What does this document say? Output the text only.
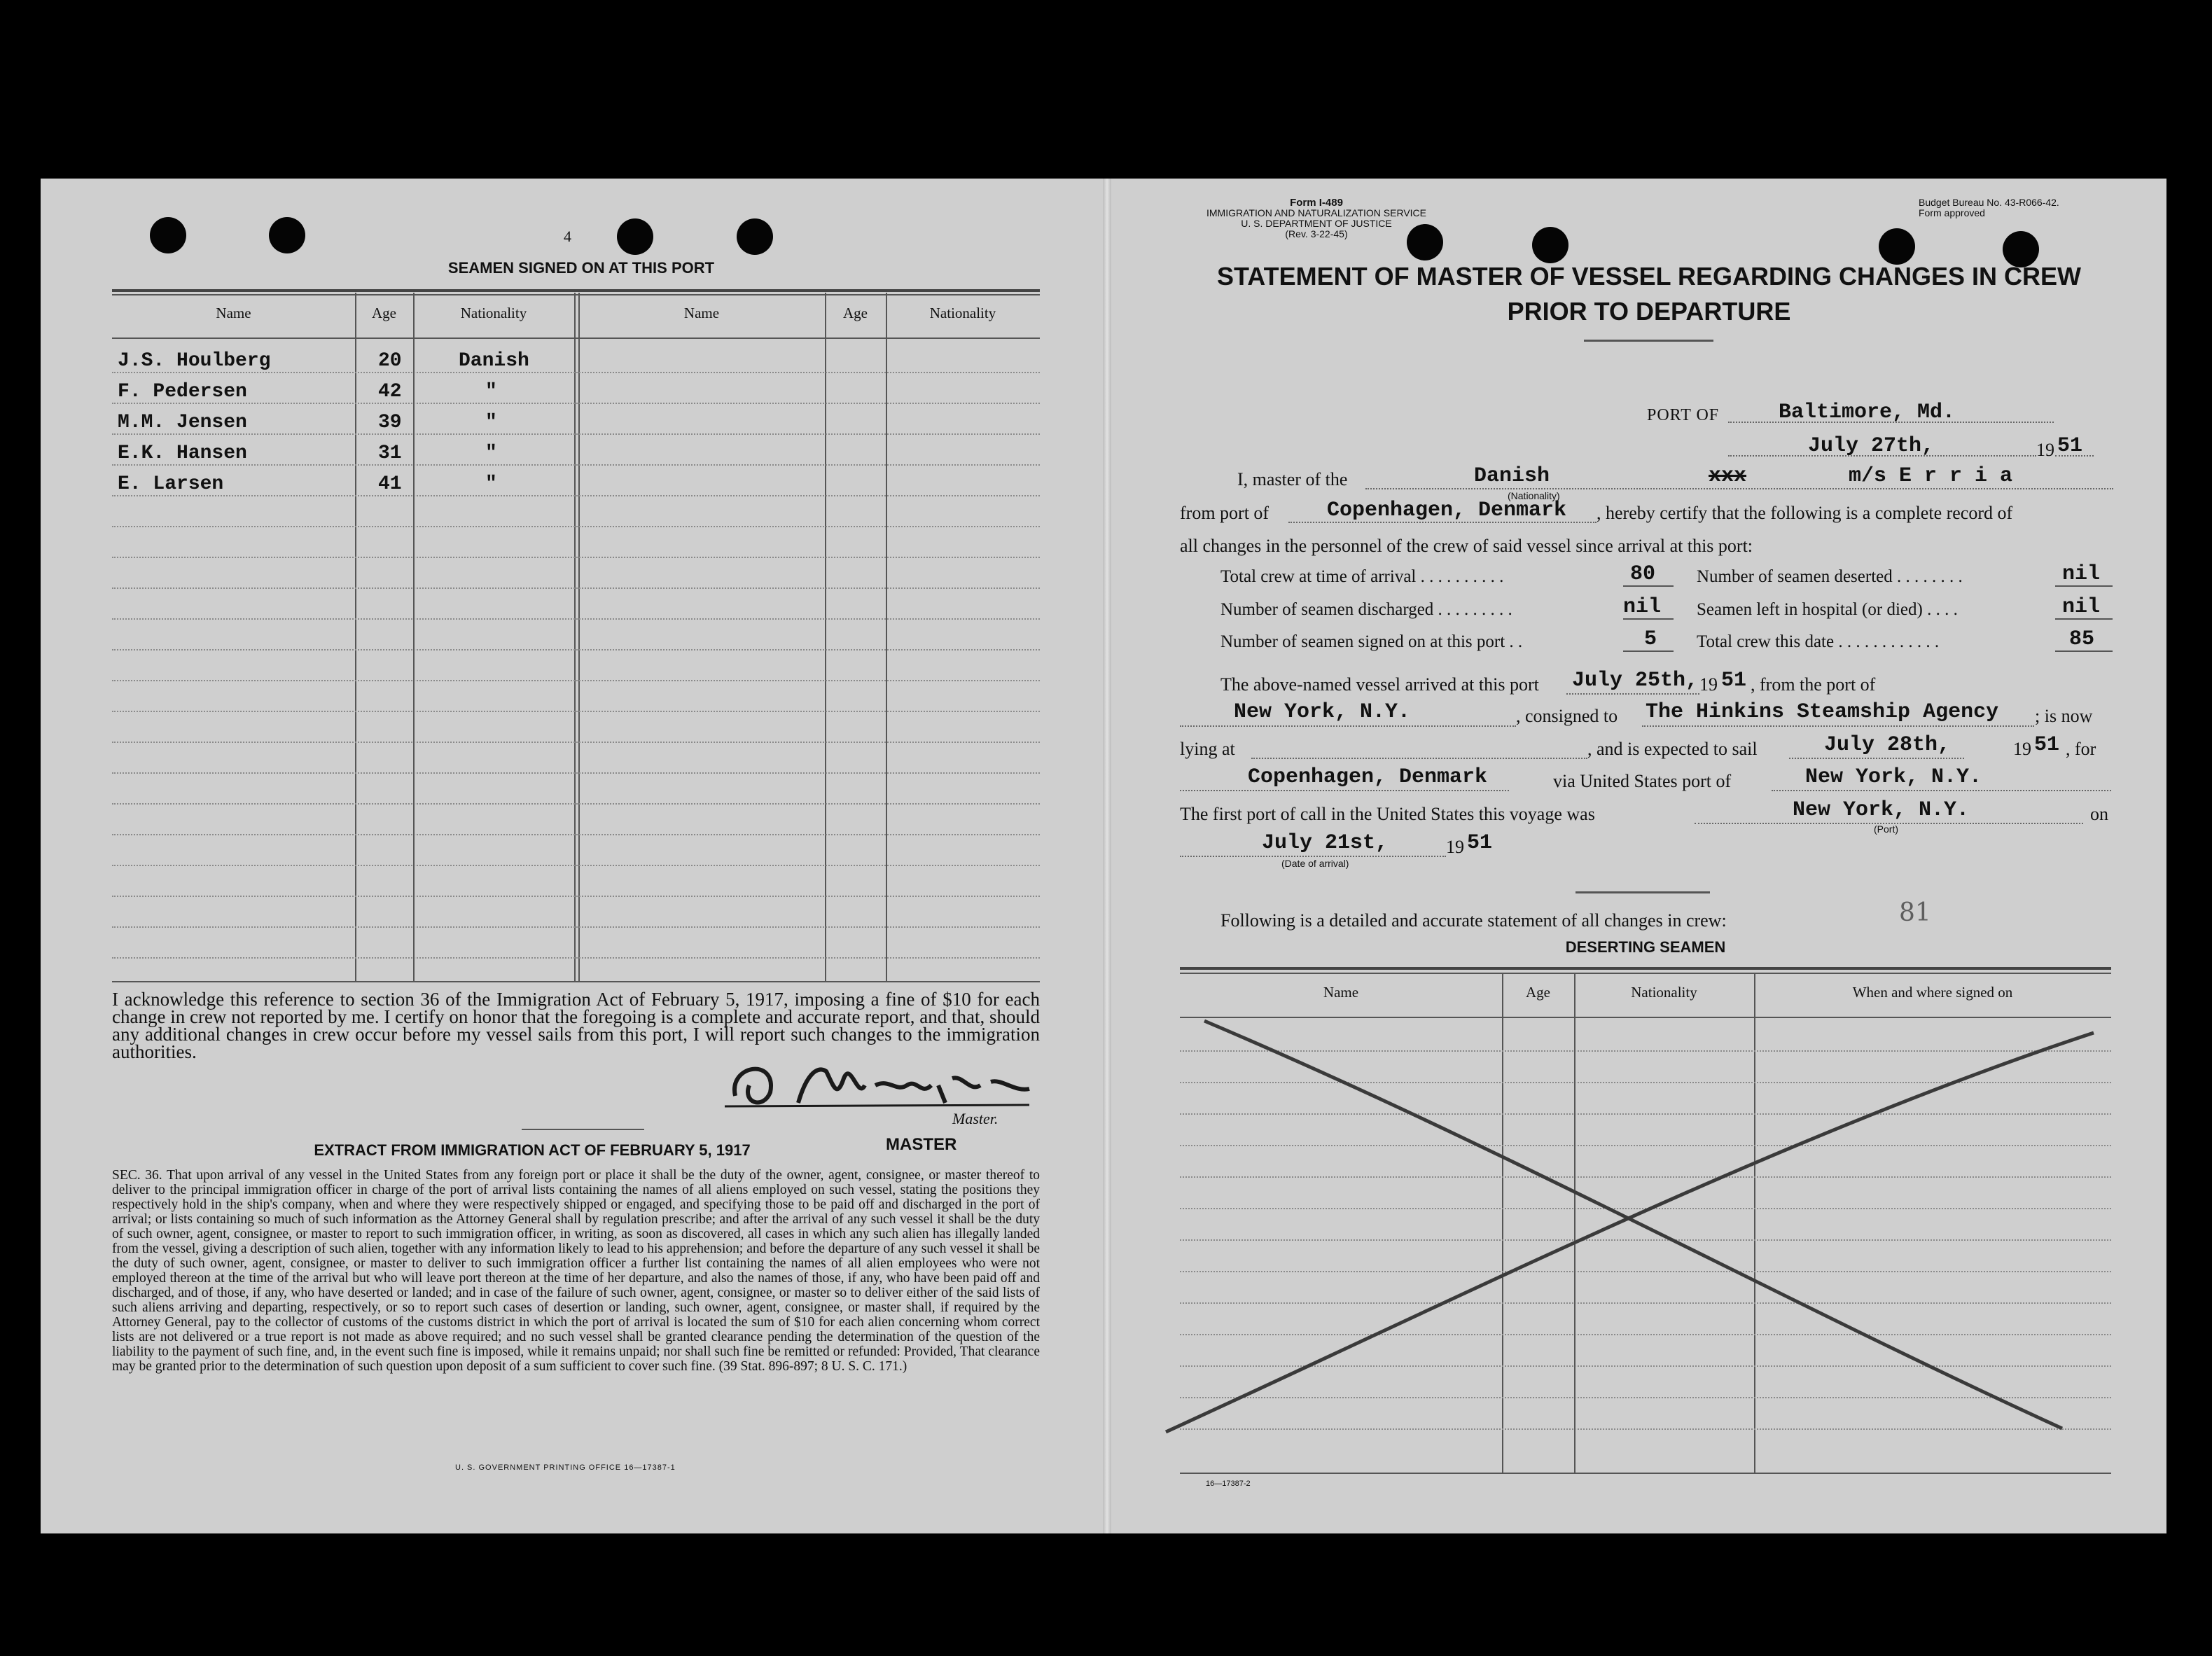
4
SEAMEN SIGNED ON AT THIS PORT
Name	Age	Nationality	Name	Age	Nationality
J.S. Houlberg	20	Danish
F. Pedersen	42	"
M.M. Jensen	39	"
E.K. Hansen	31	"
E. Larsen	41	"
I acknowledge this reference to section 36 of the Immigration Act of February 5, 1917, imposing a fine of $10 for each change in crew not reported by me. I certify on honor that the foregoing is a complete and accurate report, and that, should any additional changes in crew occur before my vessel sails from this port, I will report such changes to the immigration authorities.
Master.
EXTRACT FROM IMMIGRATION ACT OF FEBRUARY 5, 1917	MASTER
SEC. 36. That upon arrival of any vessel in the United States from any foreign port or place it shall be the duty of the owner, agent, consignee, or master thereof to deliver to the principal immigration officer in charge of the port of arrival lists containing the names of all aliens employed on such vessel, stating the positions they respectively hold in the ship's company, when and where they were respectively shipped or engaged, and specifying those to be paid off and discharged in the port of arrival; or lists containing so much of such information as the Attorney General shall by regulation prescribe; and after the arrival of any such vessel it shall be the duty of such owner, agent, consignee, or master to report to such immigration officer, in writing, as soon as discovered, all cases in which any such alien has illegally landed from the vessel, giving a description of such alien, together with any information likely to lead to his apprehension; and before the departure of any such vessel it shall be the duty of such owner, agent, consignee, or master to deliver to such immigration officer a further list containing the names of all alien employees who were not employed thereon at the time of the arrival but who will leave port thereon at the time of her departure, and also the names of those, if any, who have been paid off and discharged, and of those, if any, who have deserted or landed; and in case of the failure of such owner, agent, consignee, or master so to deliver either of the said lists of such aliens arriving and departing, respectively, or so to report such cases of desertion or landing, such owner, agent, consignee, or master shall, if required by the Attorney General, pay to the collector of customs of the customs district in which the port of arrival is located the sum of $10 for each alien concerning whom correct lists are not delivered or a true report is not made as above required; and no such vessel shall be granted clearance pending the determination of the question of the liability to the payment of such fine, and, in the event such fine is imposed, while it remains unpaid; nor shall such fine be remitted or refunded: Provided, That clearance may be granted prior to the determination of such question upon deposit of a sum sufficient to cover such fine. (39 Stat. 896-897; 8 U. S. C. 171.)
U. S. GOVERNMENT PRINTING OFFICE 16—17387-1
Form I-489
IMMIGRATION AND NATURALIZATION SERVICE
U. S. DEPARTMENT OF JUSTICE
(Rev. 3-22-45)
Budget Bureau No. 43-R066-42.
Form approved
STATEMENT OF MASTER OF VESSEL REGARDING CHANGES IN CREW
PRIOR TO DEPARTURE
PORT OF	Baltimore, Md.
July 27th,	19 51
I, master of the	Danish	xxx	m/s E r r i a
(Nationality)
from port of	Copenhagen, Denmark , hereby certify that the following is a complete record of
all changes in the personnel of the crew of said vessel since arrival at this port:
Total crew at time of arrival . . . . . . . . . .	80 Number of seamen deserted . . . . . . . .	nil
Number of seamen discharged . . . . . . . . .	nil Seamen left in hospital (or died) . . . .	nil
Number of seamen signed on at this port . .	5 Total crew this date . . . . . . . . . . . .	85
The above-named vessel arrived at this port July 25th, 19 51 , from the port of
New York, N.Y.	, consigned to The Hinkins Steamship Agency ; is now
lying at	, and is expected to sail	July 28th,	19 51 , for
Copenhagen, Denmark	via United States port of	New York, N.Y.
The first port of call in the United States this voyage was	New York, N.Y.	on
(Port)
July 21st,	19 51
(Date of arrival)
Following is a detailed and accurate statement of all changes in crew:	81
DESERTING SEAMEN
Name	Age	Nationality	When and where signed on
16—17387-2
